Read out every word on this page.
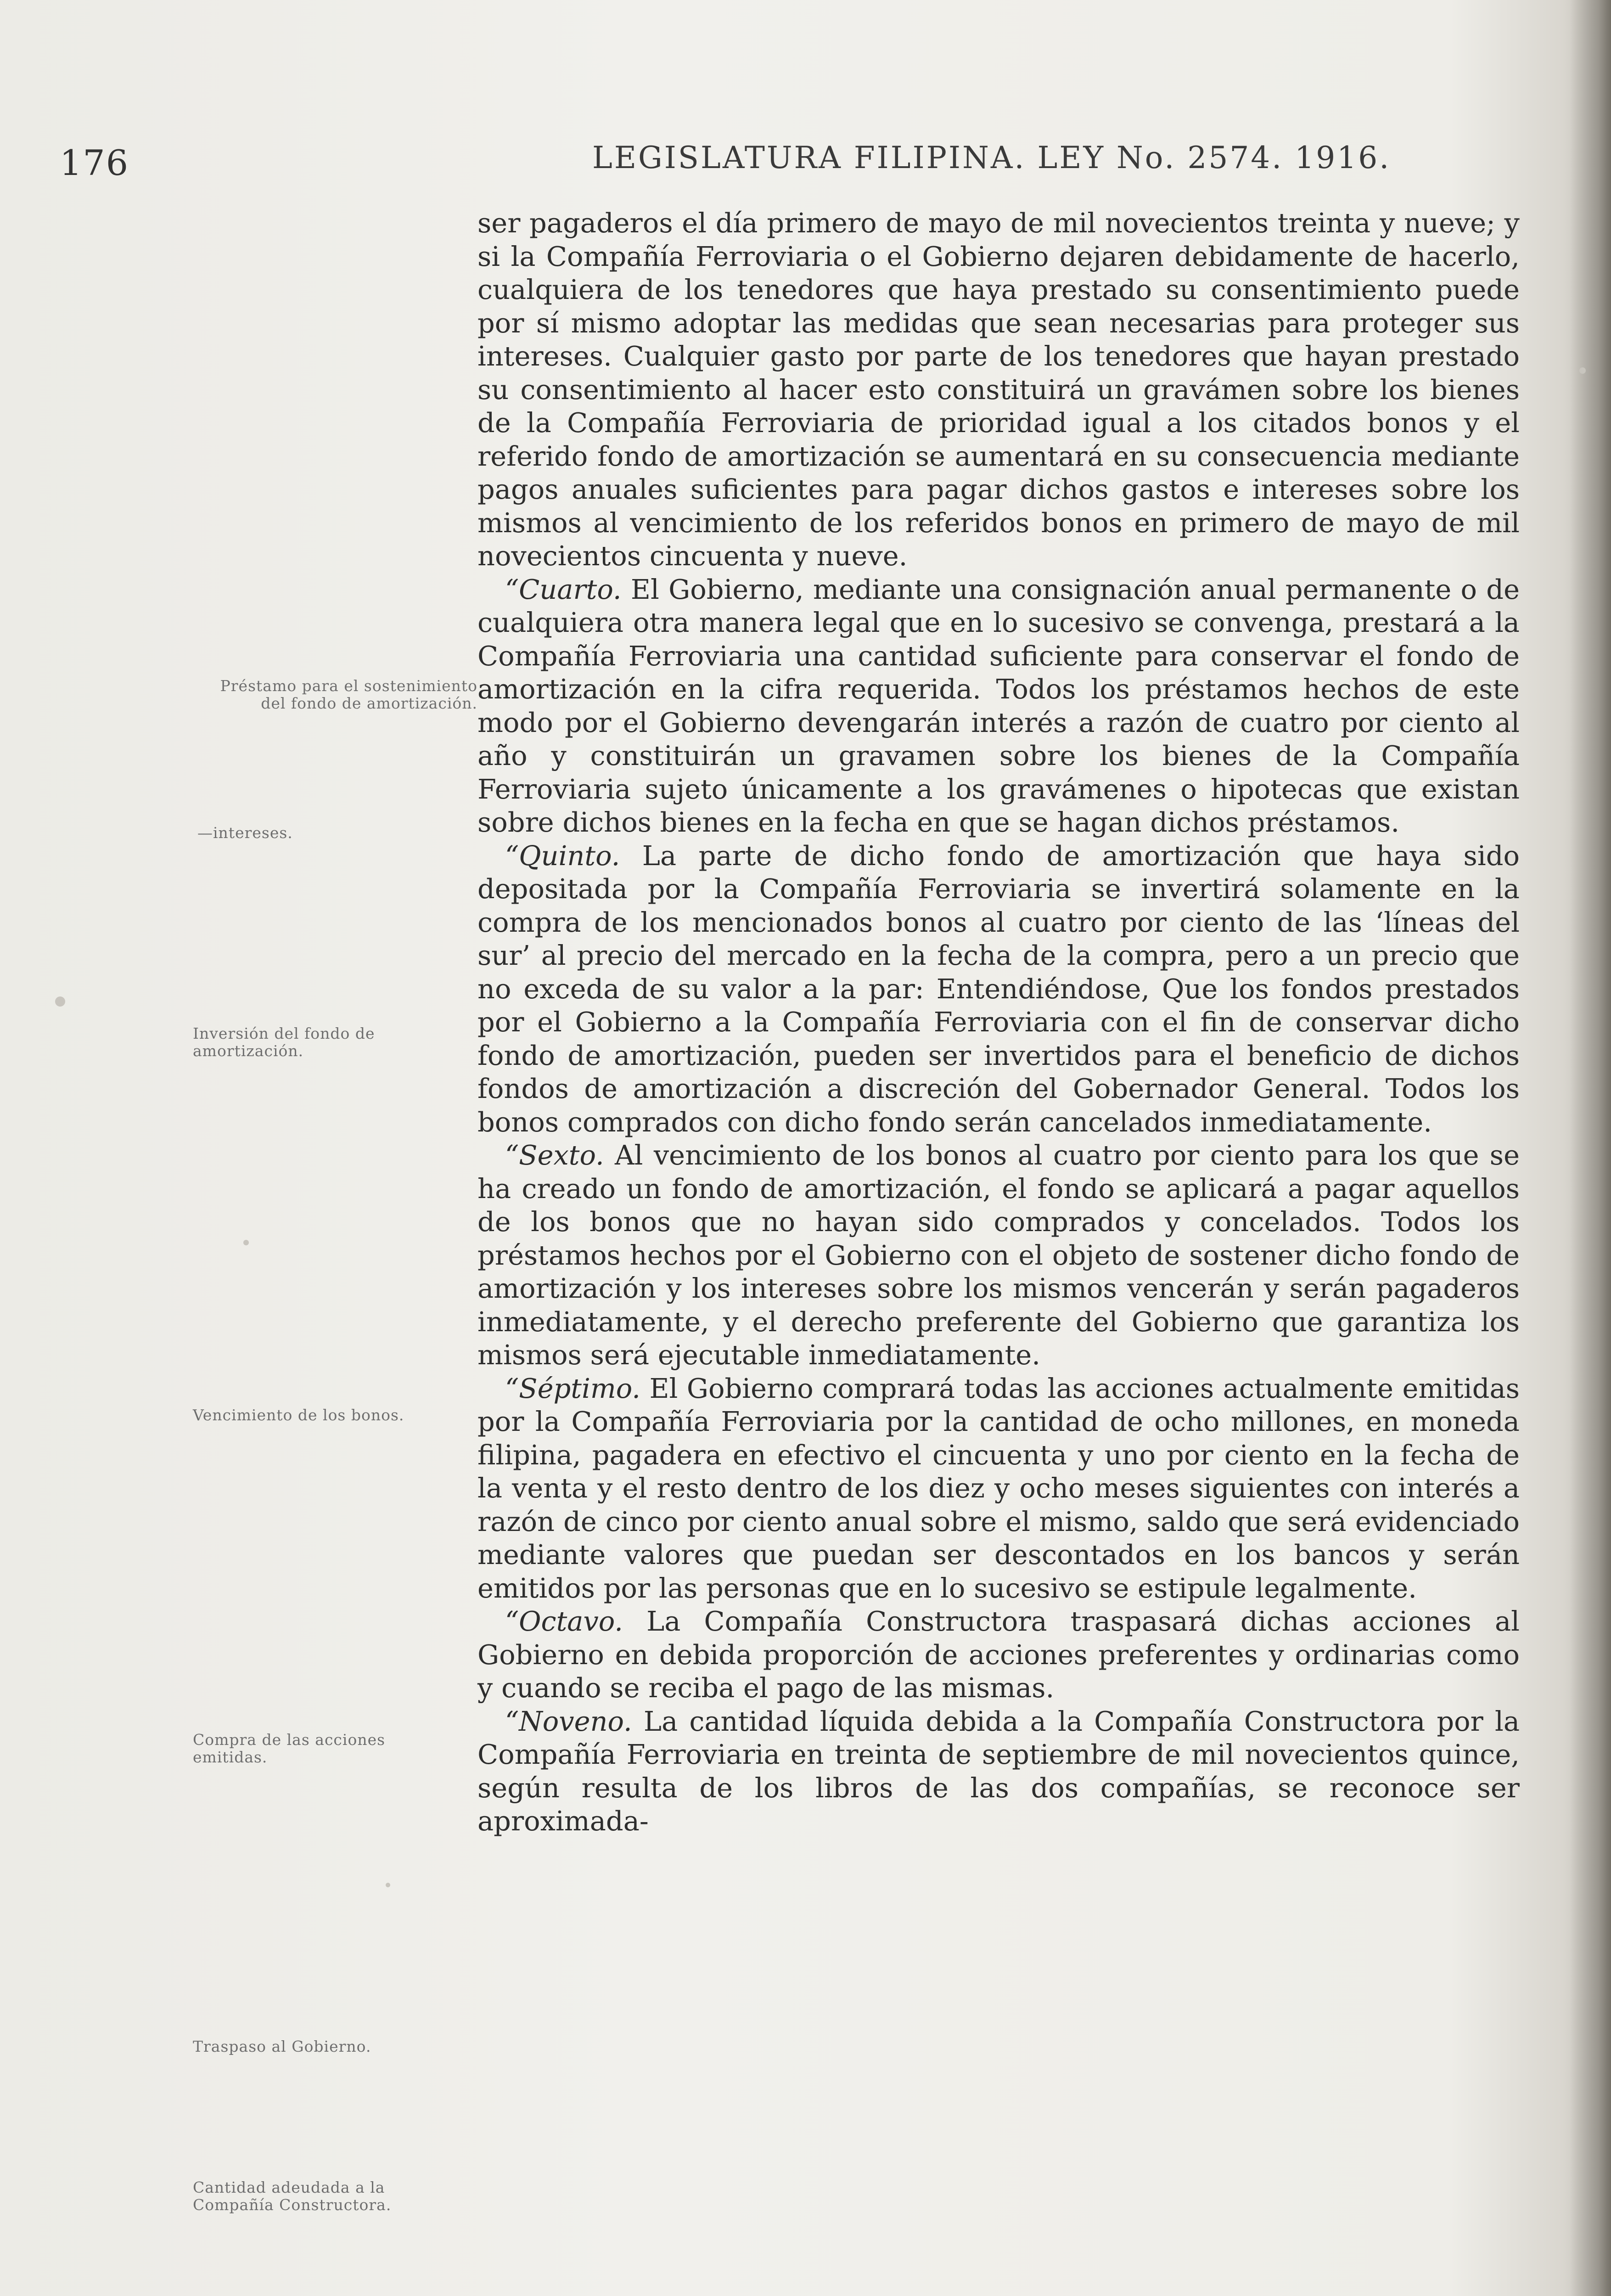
176	LEGISLATURA FILIPINA. LEY No. 2574. 1916.
Préstamo para el sostenimiento del fondo de amortización.
—intereses.
Inversión del fondo de amortización.
Vencimiento de los bonos.
Compra de las acciones emitidas.
Traspaso al Gobierno.
Cantidad adeudada a la Compañía Constructora.

ser pagaderos el día primero de mayo de mil novecientos treinta y nueve; y si la Compañía Ferroviaria o el Gobierno dejaren debidamente de hacerlo, cualquiera de los tenedores que haya prestado su consentimiento puede por sí mismo adoptar las medidas que sean necesarias para proteger sus intereses. Cualquier gasto por parte de los tenedores que hayan prestado su consentimiento al hacer esto constituirá un gravámen sobre los bienes de la Compañía Ferroviaria de prioridad igual a los citados bonos y el referido fondo de amortización se aumentará en su consecuencia mediante pagos anuales suficientes para pagar dichos gastos e intereses sobre los mismos al vencimiento de los referidos bonos en primero de mayo de mil novecientos cincuenta y nueve.

“Cuarto. El Gobierno, mediante una consignación anual permanente o de cualquiera otra manera legal que en lo sucesivo se convenga, prestará a la Compañía Ferroviaria una cantidad suficiente para conservar el fondo de amortización en la cifra requerida. Todos los préstamos hechos de este modo por el Gobierno devengarán interés a razón de cuatro por ciento al año y constituirán un gravamen sobre los bienes de la Compañía Ferroviaria sujeto únicamente a los gravámenes o hipotecas que existan sobre dichos bienes en la fecha en que se hagan dichos préstamos.

“Quinto. La parte de dicho fondo de amortización que haya sido depositada por la Compañía Ferroviaria se invertirá solamente en la compra de los mencionados bonos al cuatro por ciento de las ‘líneas del sur’ al precio del mercado en la fecha de la compra, pero a un precio que no exceda de su valor a la par: Entendiéndose, Que los fondos prestados por el Gobierno a la Compañía Ferroviaria con el fin de conservar dicho fondo de amortización, pueden ser invertidos para el beneficio de dichos fondos de amortización a discreción del Gobernador General. Todos los bonos comprados con dicho fondo serán cancelados inmediatamente.

“Sexto. Al vencimiento de los bonos al cuatro por ciento para los que se ha creado un fondo de amortización, el fondo se aplicará a pagar aquellos de los bonos que no hayan sido comprados y concelados. Todos los préstamos hechos por el Gobierno con el objeto de sostener dicho fondo de amortización y los intereses sobre los mismos vencerán y serán pagaderos inmediatamente, y el derecho preferente del Gobierno que garantiza los mismos será ejecutable inmediatamente.

“Séptimo. El Gobierno comprará todas las acciones actualmente emitidas por la Compañía Ferroviaria por la cantidad de ocho millones, en moneda filipina, pagadera en efectivo el cincuenta y uno por ciento en la fecha de la venta y el resto dentro de los diez y ocho meses siguientes con interés a razón de cinco por ciento anual sobre el mismo, saldo que será evidenciado mediante valores que puedan ser descontados en los bancos y serán emitidos por las personas que en lo sucesivo se estipule legalmente.

“Octavo. La Compañía Constructora traspasará dichas acciones al Gobierno en debida proporción de acciones preferentes y ordinarias como y cuando se reciba el pago de las mismas.

“Noveno. La cantidad líquida debida a la Compañía Constructora por la Compañía Ferroviaria en treinta de septiembre de mil novecientos quince, según resulta de los libros de las dos compañías, se reconoce ser aproximada-
